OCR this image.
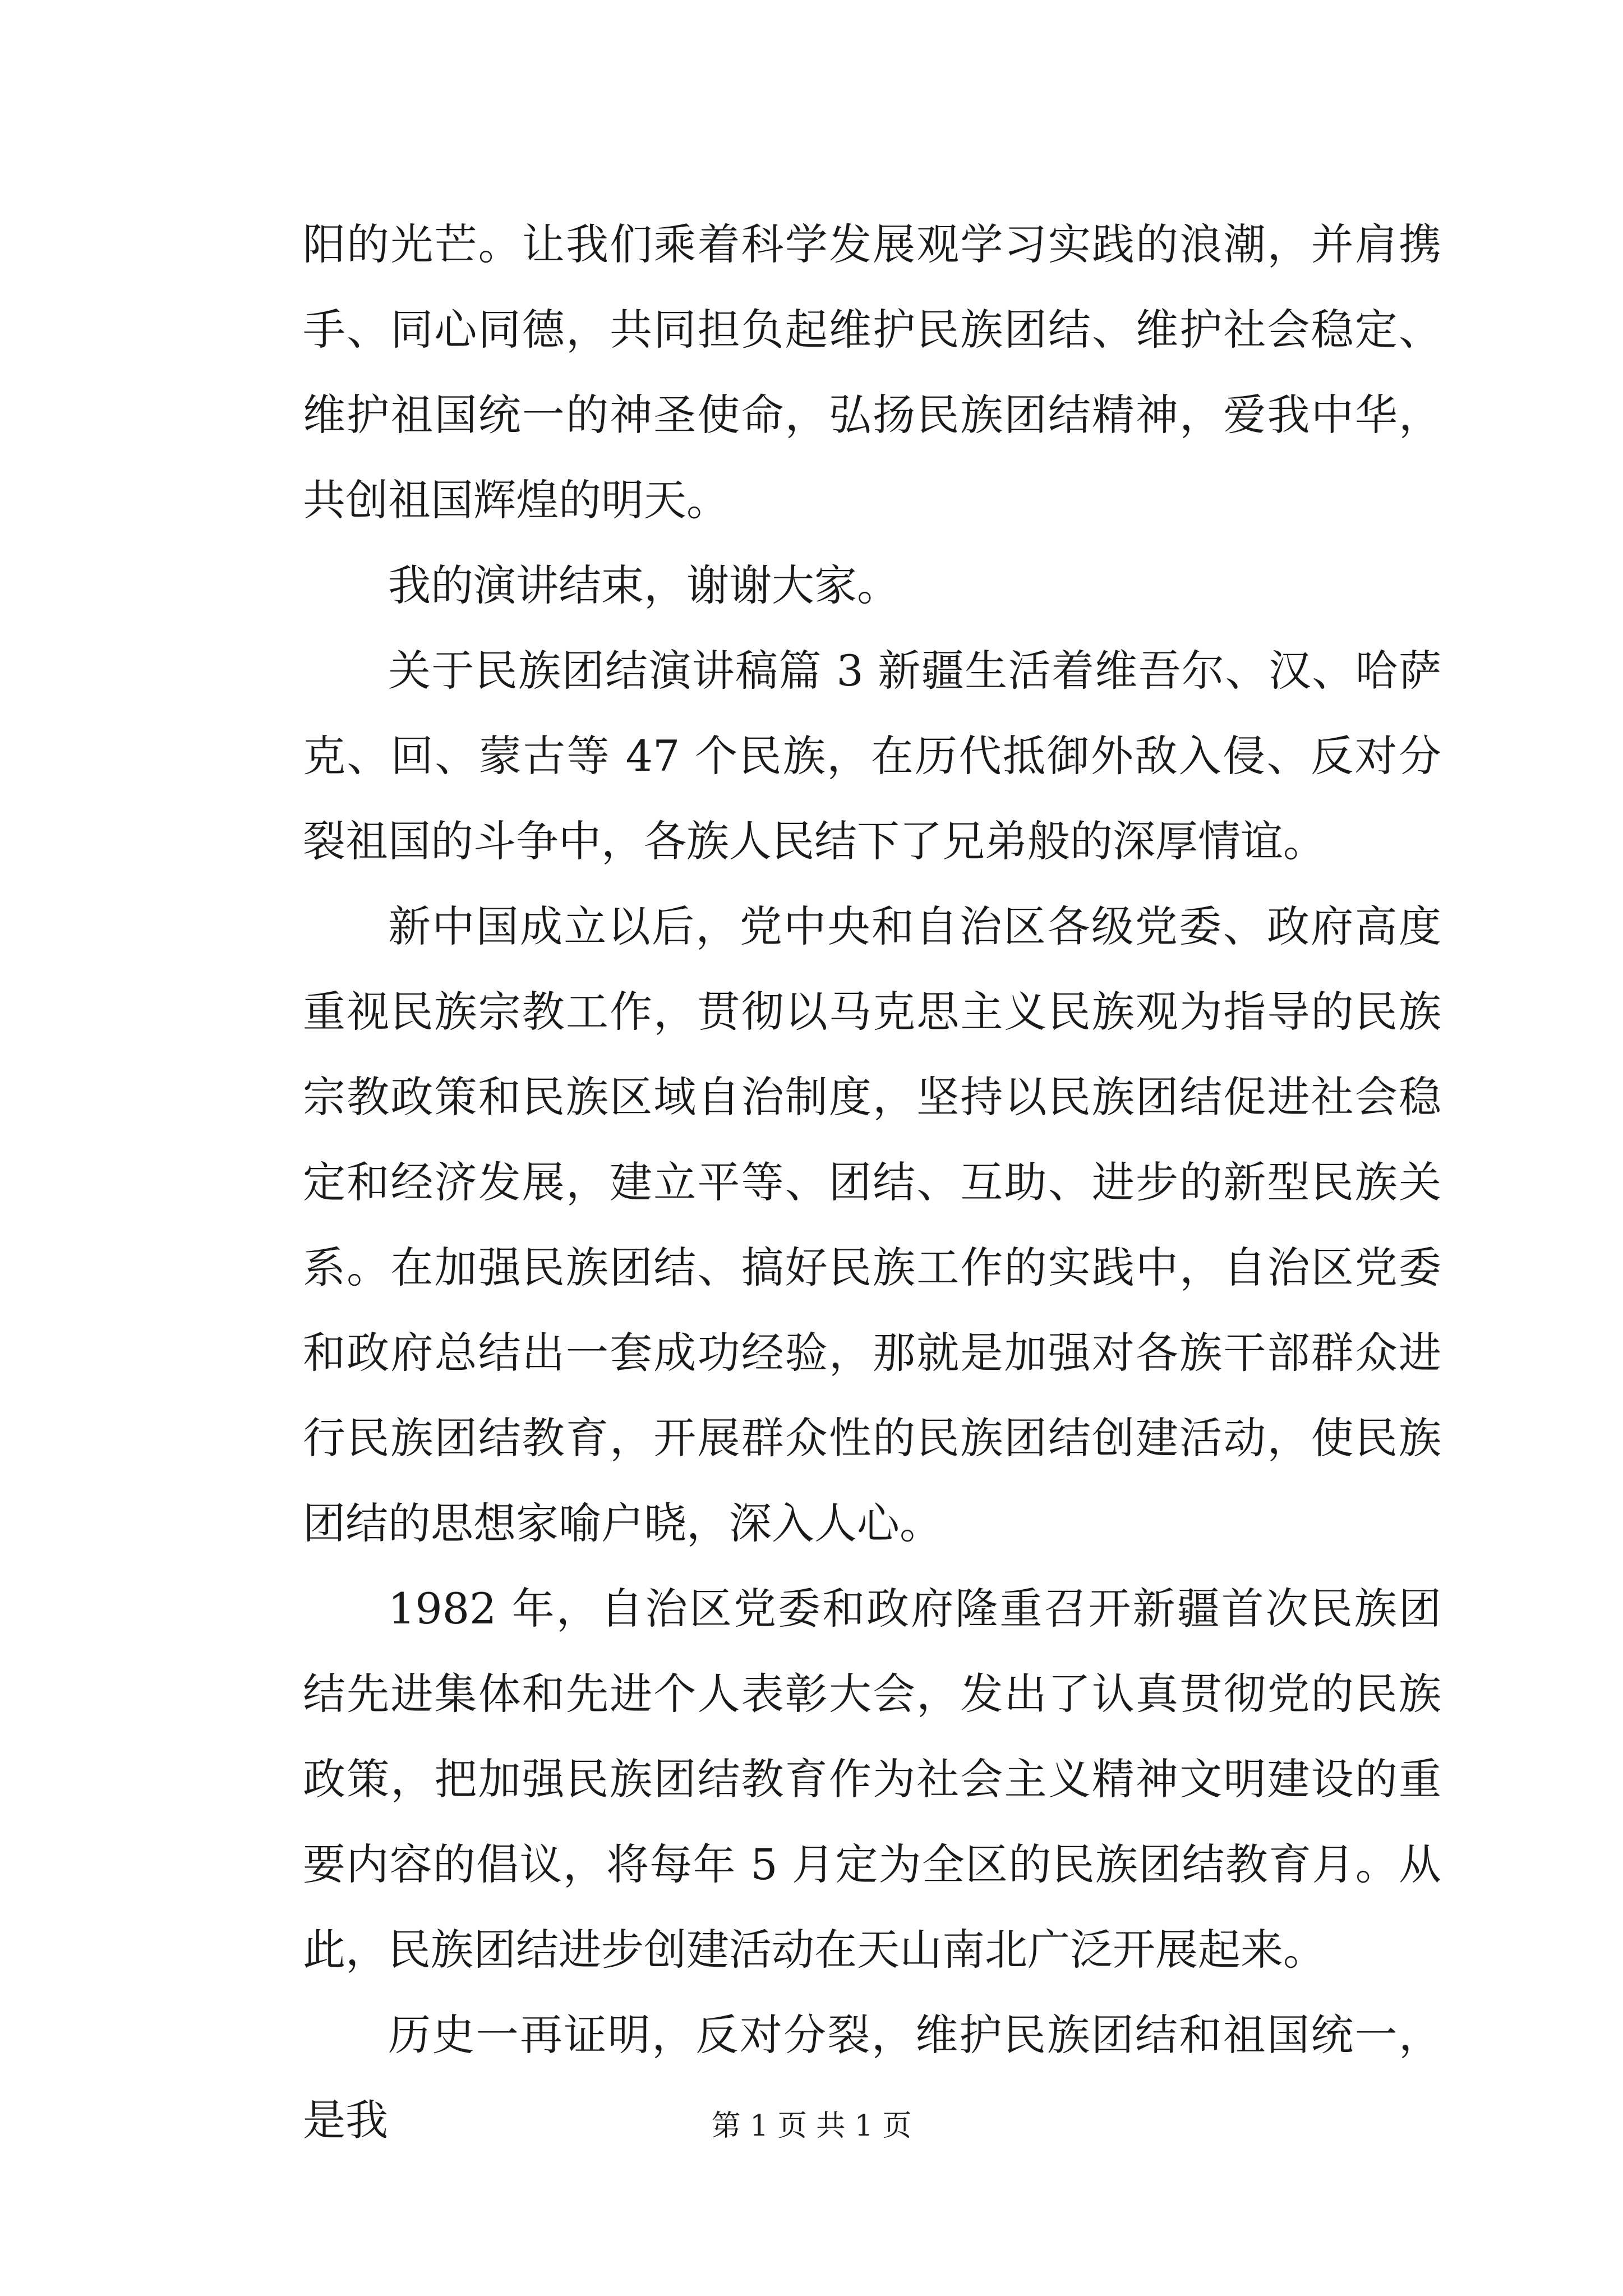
阳的光芒。让我们乘着科学发展观学习实践的浪潮，并肩携手、同心同德，共同担负起维护民族团结、维护社会稳定、维护祖国统一的神圣使命，弘扬民族团结精神，爱我中华，共创祖国辉煌的明天。

我的演讲结束，谢谢大家。

关于民族团结演讲稿篇 3 新疆生活着维吾尔、汉、哈萨克、回、蒙古等 47 个民族，在历代抵御外敌入侵、反对分裂祖国的斗争中，各族人民结下了兄弟般的深厚情谊。

新中国成立以后，党中央和自治区各级党委、政府高度重视民族宗教工作，贯彻以马克思主义民族观为指导的民族宗教政策和民族区域自治制度，坚持以民族团结促进社会稳定和经济发展，建立平等、团结、互助、进步的新型民族关系。在加强民族团结、搞好民族工作的实践中，自治区党委和政府总结出一套成功经验，那就是加强对各族干部群众进行民族团结教育，开展群众性的民族团结创建活动，使民族团结的思想家喻户晓，深入人心。

1982 年，自治区党委和政府隆重召开新疆首次民族团结先进集体和先进个人表彰大会，发出了认真贯彻党的民族政策，把加强民族团结教育作为社会主义精神文明建设的重要内容的倡议，将每年 5 月定为全区的民族团结教育月。从此，民族团结进步创建活动在天山南北广泛开展起来。

历史一再证明，反对分裂，维护民族团结和祖国统一，是我	第 1 页 共 1 页
